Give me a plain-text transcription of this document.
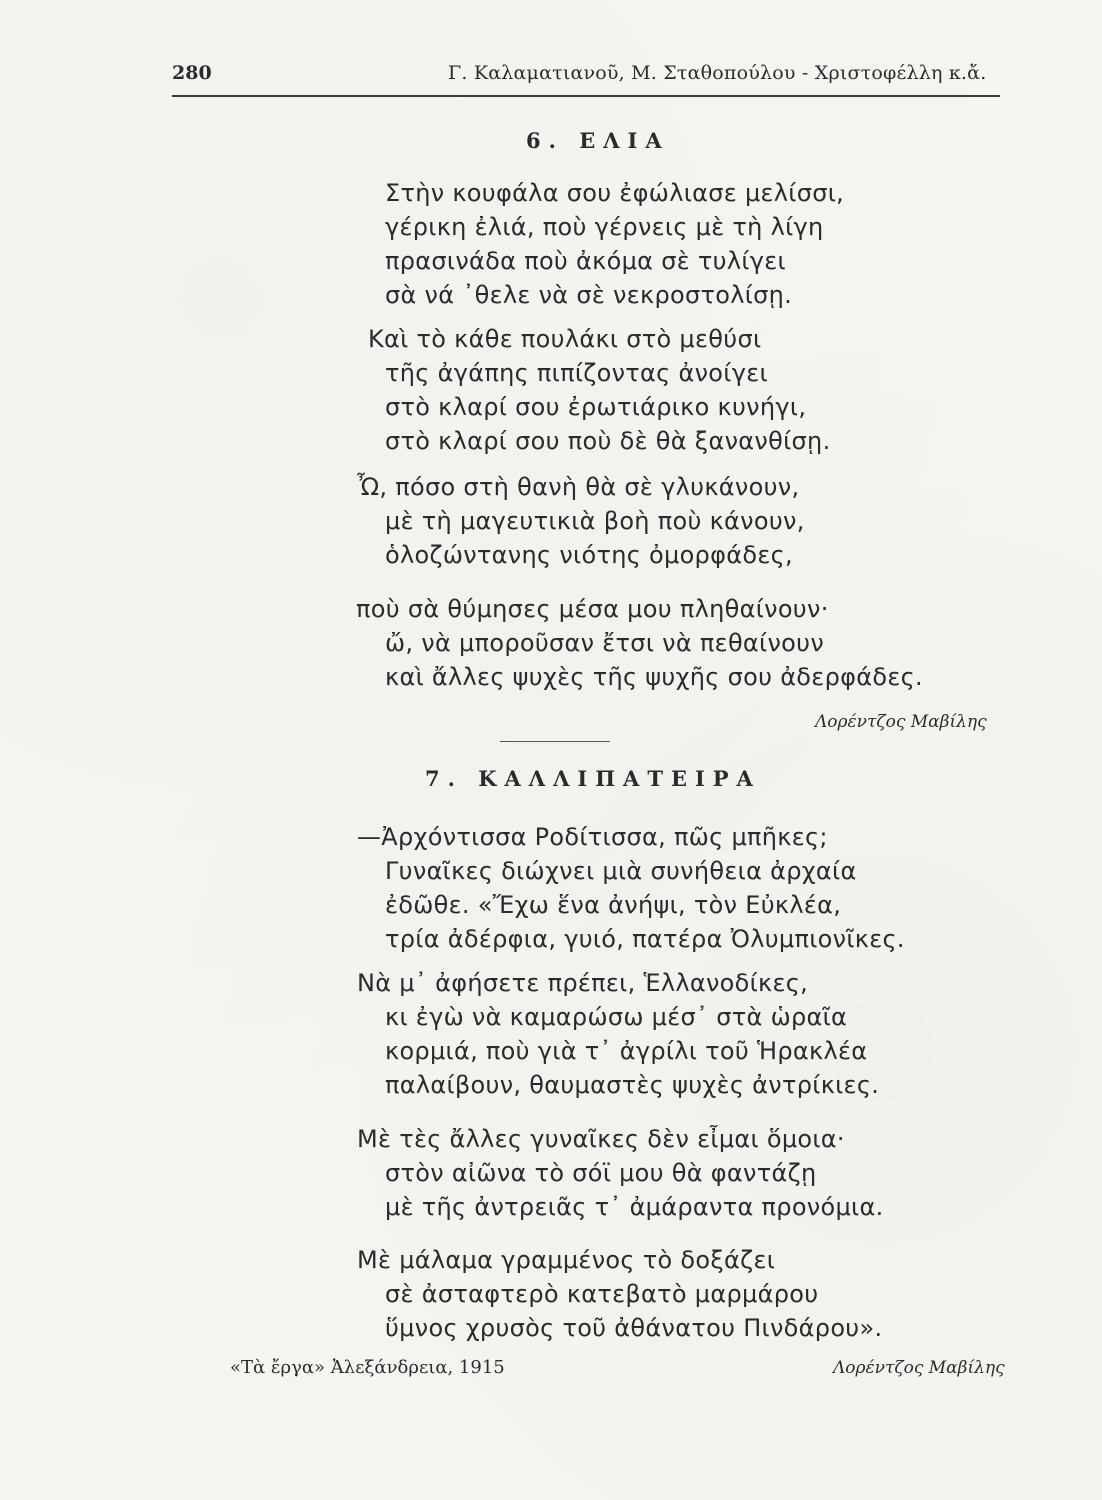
280	Γ. Καλαματιανοῦ, Μ. Σταθοπούλου - Χριστοφέλλη κ.ἄ.
6. ΕΛΙΑ
Στὴν κουφάλα σου ἐφώλιασε μελίσσι,
γέρικη ἐλιά, ποὺ γέρνεις μὲ τὴ λίγη
πρασινάδα ποὺ ἀκόμα σὲ τυλίγει
σὰ νά ᾽θελε νὰ σὲ νεκροστολίσῃ.
Καὶ τὸ κάθε πουλάκι στὸ μεθύσι
τῆς ἀγάπης πιπίζοντας ἀνοίγει
στὸ κλαρί σου ἐρωτιάρικο κυνήγι,
στὸ κλαρί σου ποὺ δὲ θὰ ξανανθίσῃ.
Ὦ, πόσο στὴ θανὴ θὰ σὲ γλυκάνουν,
μὲ τὴ μαγευτικιὰ βοὴ ποὺ κάνουν,
ὁλοζώντανης νιότης ὀμορφάδες,
ποὺ σὰ θύμησες μέσα μου πληθαίνουν·
ὤ, νὰ μποροῦσαν ἔτσι νὰ πεθαίνουν
καὶ ἄλλες ψυχὲς τῆς ψυχῆς σου ἀδερφάδες.
Λορέντζος Μαβίλης
7. ΚΑΛΛΙΠΑΤΕΙΡΑ
—Ἀρχόντισσα Ροδίτισσα, πῶς μπῆκες;
Γυναῖκες διώχνει μιὰ συνήθεια ἀρχαία
ἐδῶθε. «Ἔχω ἕνα ἀνήψι, τὸν Εὐκλέα,
τρία ἀδέρφια, γυιό, πατέρα Ὀλυμπιονῖκες.
Νὰ μ᾽ ἀφήσετε πρέπει, Ἑλλανοδίκες,
κι ἐγὼ νὰ καμαρώσω μέσ᾽ στὰ ὡραῖα
κορμιά, ποὺ γιὰ τ᾽ ἀγρίλι τοῦ Ἡρακλέα
παλαίβουν, θαυμαστὲς ψυχὲς ἀντρίκιες.
Μὲ τὲς ἄλλες γυναῖκες δὲν εἶμαι ὅμοια·
στὸν αἰῶνα τὸ σόϊ μου θὰ φαντάζῃ
μὲ τῆς ἀντρειᾶς τ᾽ ἀμάραντα προνόμια.
Μὲ μάλαμα γραμμένος τὸ δοξάζει
σὲ ἀσταφτερὸ κατεβατὸ μαρμάρου
ὕμνος χρυσὸς τοῦ ἀθάνατου Πινδάρου».
«Τὰ ἔργα» Ἀλεξάνδρεια, 1915	Λορέντζος Μαβίλης
